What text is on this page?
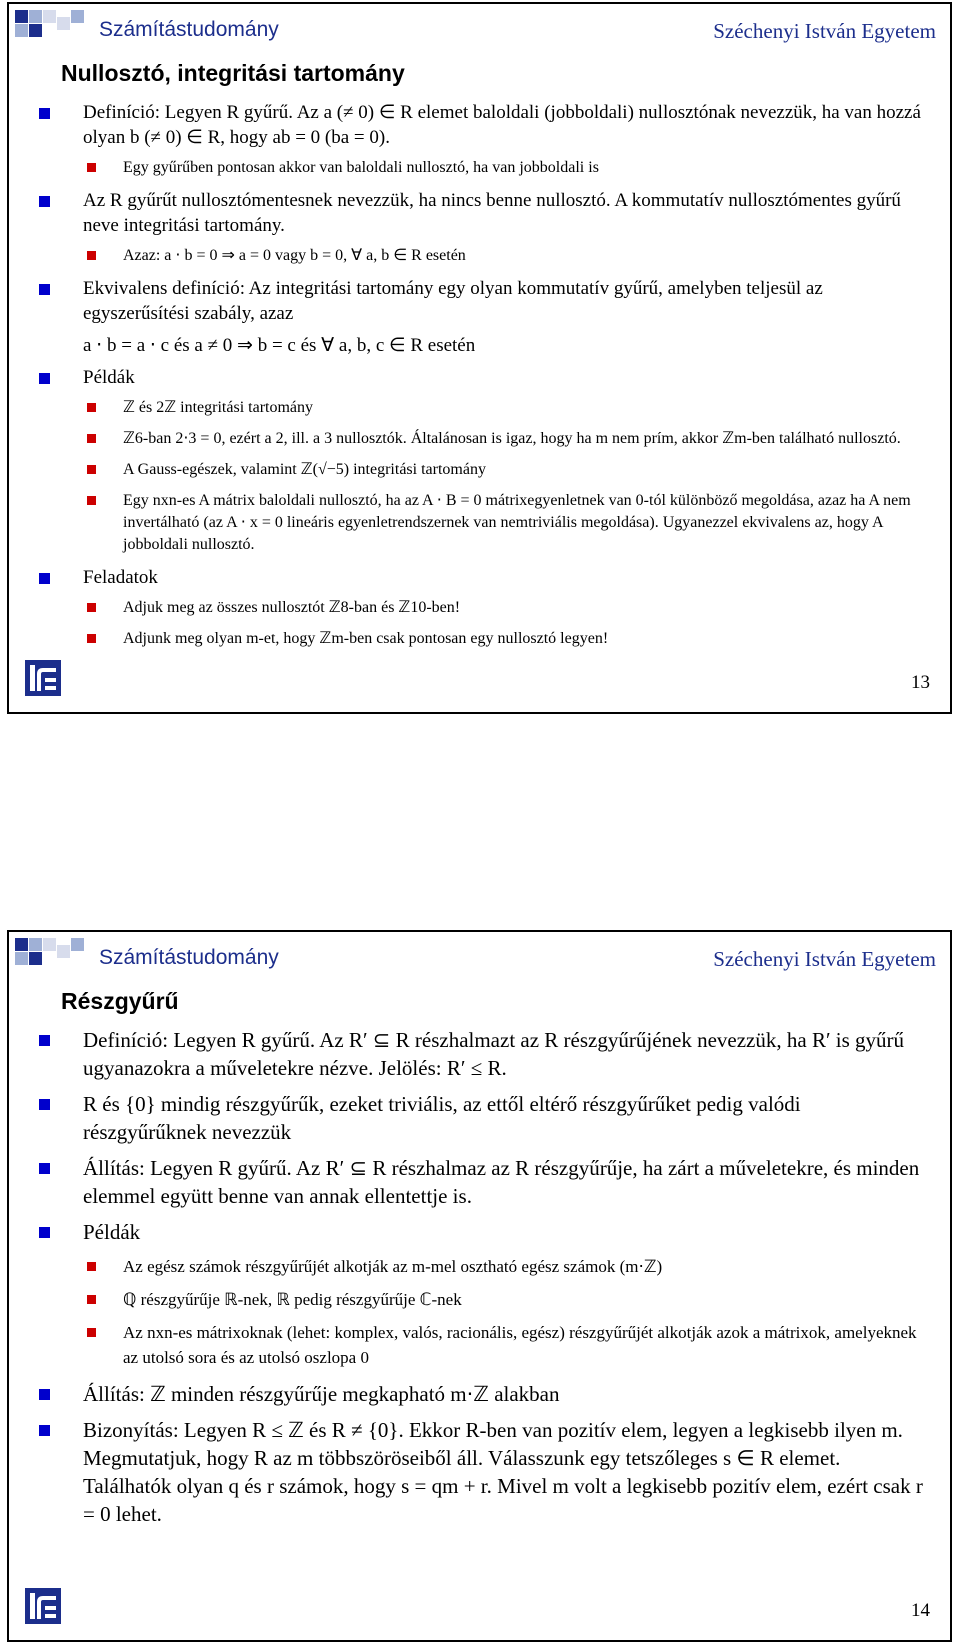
Számítástudomány	Széchenyi István Egyetem
Nullosztó, integritási tartomány
Definíció: Legyen R gyűrű. Az a (≠ 0) ∈ R elemet baloldali (jobboldali) nullosztónak nevezzük, ha van hozzá olyan b (≠ 0) ∈ R, hogy ab = 0 (ba = 0).
Egy gyűrűben pontosan akkor van baloldali nullosztó, ha van jobboldali is
Az R gyűrűt nullosztómentesnek nevezzük, ha nincs benne nullosztó. A kommutatív nullosztómentes gyűrű neve integritási tartomány.
Azaz: a ⋅ b = 0 ⇒ a = 0 vagy b = 0, ∀ a, b ∈ R esetén
Ekvivalens definíció: Az integritási tartomány egy olyan kommutatív gyűrű, amelyben teljesül az egyszerűsítési szabály, azaz
a ⋅ b = a ⋅ c és a ≠ 0 ⇒ b = c és ∀ a, b, c ∈ R esetén
Példák
ℤ és 2ℤ integritási tartomány
ℤ6-ban 2⋅3 = 0, ezért a 2, ill. a 3 nullosztók. Általánosan is igaz, hogy ha m nem prím, akkor ℤm-ben található nullosztó.
A Gauss-egészek, valamint ℤ(√−5) integritási tartomány
Egy nxn-es A mátrix baloldali nullosztó, ha az A ⋅ B = 0 mátrixegyenletnek van 0-tól különböző megoldása, azaz ha A nem invertálható (az A ⋅ x = 0 lineáris egyenletrendszernek van nemtriviális megoldása). Ugyanezzel ekvivalens az, hogy A jobboldali nullosztó.
Feladatok
Adjuk meg az összes nullosztót ℤ8-ban és ℤ10-ben!
Adjunk meg olyan m-et, hogy ℤm-ben csak pontosan egy nullosztó legyen!
13
Számítástudomány	Széchenyi István Egyetem
Részgyűrű
Definíció: Legyen R gyűrű. Az R′ ⊆ R részhalmazt az R részgyűrűjének nevezzük, ha R′ is gyűrű ugyanazokra a műveletekre nézve. Jelölés: R′ ≤ R.
R és {0} mindig részgyűrűk, ezeket triviális, az ettől eltérő részgyűrűket pedig valódi részgyűrűknek nevezzük
Állítás: Legyen R gyűrű. Az R′ ⊆ R részhalmaz az R részgyűrűje, ha zárt a műveletekre, és minden elemmel együtt benne van annak ellentettje is.
Példák
Az egész számok részgyűrűjét alkotják az m-mel osztható egész számok (m⋅ℤ)
ℚ részgyűrűje ℝ-nek, ℝ pedig részgyűrűje ℂ-nek
Az nxn-es mátrixoknak (lehet: komplex, valós, racionális, egész) részgyűrűjét alkotják azok a mátrixok, amelyeknek az utolsó sora és az utolsó oszlopa 0
Állítás: ℤ minden részgyűrűje megkapható m⋅ℤ alakban
Bizonyítás: Legyen R ≤ ℤ és R ≠ {0}. Ekkor R-ben van pozitív elem, legyen a legkisebb ilyen m. Megmutatjuk, hogy R az m többszöröseiből áll. Válasszunk egy tetszőleges s ∈ R elemet. Találhatók olyan q és r számok, hogy s = qm + r. Mivel m volt a legkisebb pozitív elem, ezért csak r = 0 lehet.
14
